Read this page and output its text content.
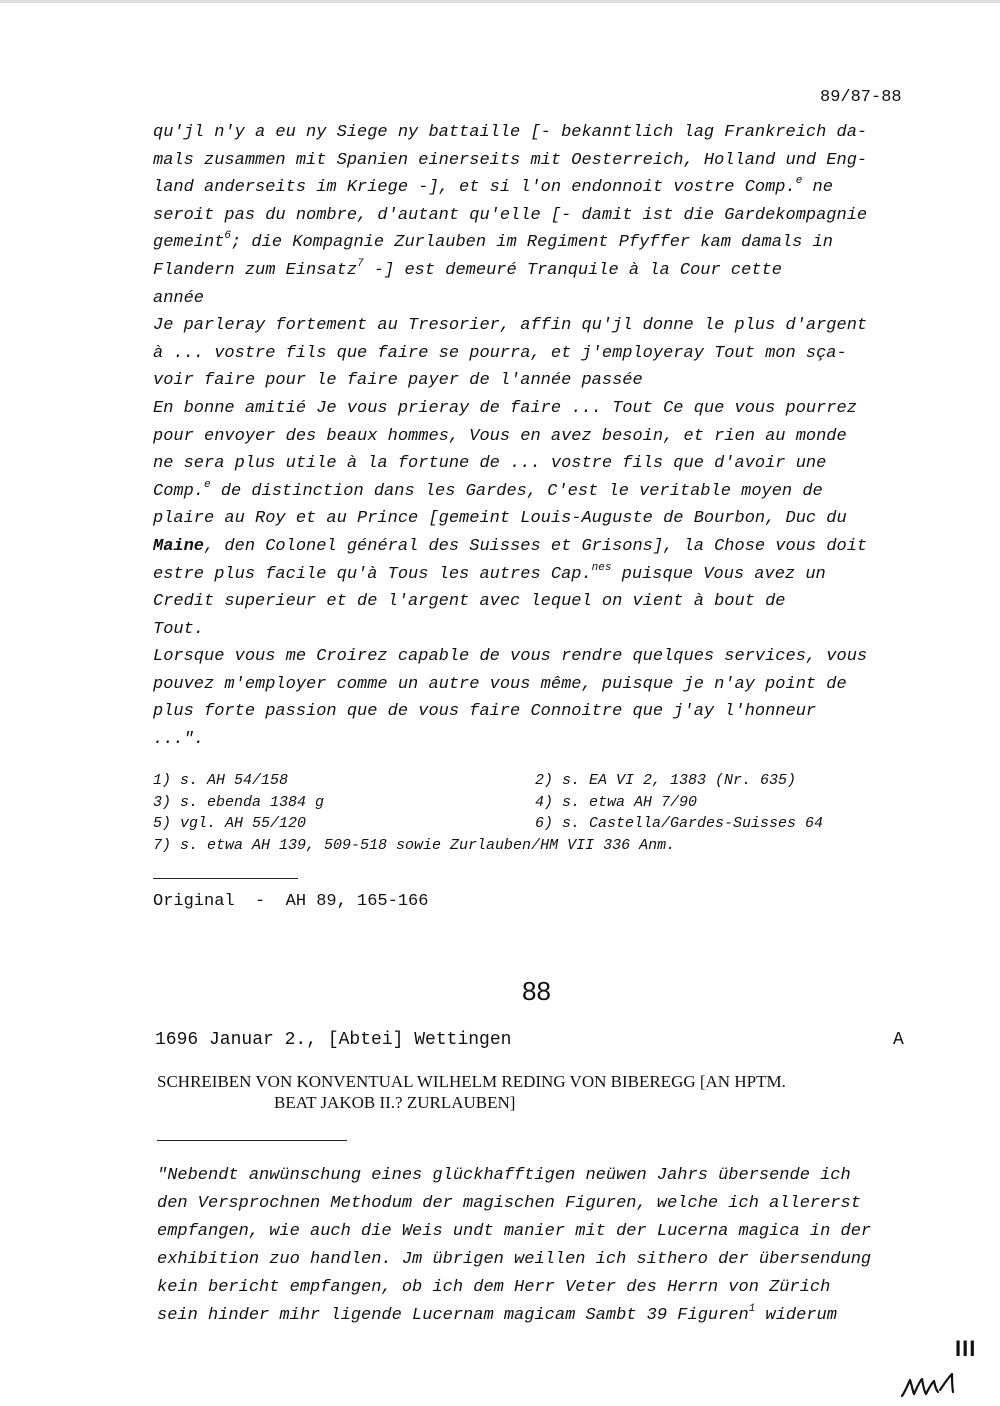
89/87-88

qu'jl n'y a eu ny Siege ny battaille [- bekanntlich lag Frankreich da-

mals zusammen mit Spanien einerseits mit Oesterreich, Holland und Eng-

land anderseits im Kriege -], et si l'on endonnoit vostre Comp.$^e$ ne

seroit pas du nombre, d'autant qu'elle [- damit ist die Gardekompagnie

gemeint$^6$; die Kompagnie Zurlauben im Regiment Pfyffer kam damals in

Flandern zum Einsatz$^7$ -] est demeuré Tranquile à la Cour cette

année

Je parleray fortement au Tresorier, affin qu'jl donne le plus d'argent

à ... vostre fils que faire se pourra, et j'employeray Tout mon sça-

voir faire pour le faire payer de l'année passée

En bonne amitié Je vous prieray de faire ... Tout Ce que vous pourrez

pour envoyer des beaux hommes, Vous en avez besoin, et rien au monde

ne sera plus utile à la fortune de ... vostre fils que d'avoir une

Comp.$^e$ de distinction dans les Gardes, C'est le veritable moyen de

plaire au Roy et au Prince [gemeint Louis-Auguste de Bourbon, Duc du

Maine, den Colonel général des Suisses et Grisons], la Chose vous doit

estre plus facile qu'à Tous les autres Cap.$^{nes}$ puisque Vous avez un

Credit superieur et de l'argent avec lequel on vient à bout de

Tout.

Lorsque vous me Croirez capable de vous rendre quelques services, vous

pouvez m'employer comme un autre vous même, puisque je n'ay point de

plus forte passion que de vous faire Connoitre que j'ay l'honneur

...".

1) s. AH 54/158	2) s. EA VI 2, 1383 (Nr. 635)
3) s. ebenda 1384 g	4) s. etwa AH 7/90
5) vgl. AH 55/120	6) s. Castella/Gardes-Suisses 64
7) s. etwa AH 139, 509-518 sowie Zurlauben/HM VII 336 Anm.
Original  -  AH 89, 165-166
88
1696 Januar 2., [Abtei] Wettingen	A
SCHREIBEN VON KONVENTUAL WILHELM REDING VON BIBEREGG [AN HPTM.
BEAT JAKOB II.? ZURLAUBEN]

"Nebendt anwünschung eines glückhafftigen neüwen Jahrs übersende ich

den Versprochnen Methodum der magischen Figuren, welche ich allererst

empfangen, wie auch die Weis undt manier mit der Lucerna magica in der

exhibition zuo handlen. Jm übrigen weillen ich sithero der übersendung

kein bericht empfangen, ob ich dem Herr Veter des Herrn von Zürich

sein hinder mihr ligende Lucernam magicam Sambt 39 Figuren$^1$ widerum

III
